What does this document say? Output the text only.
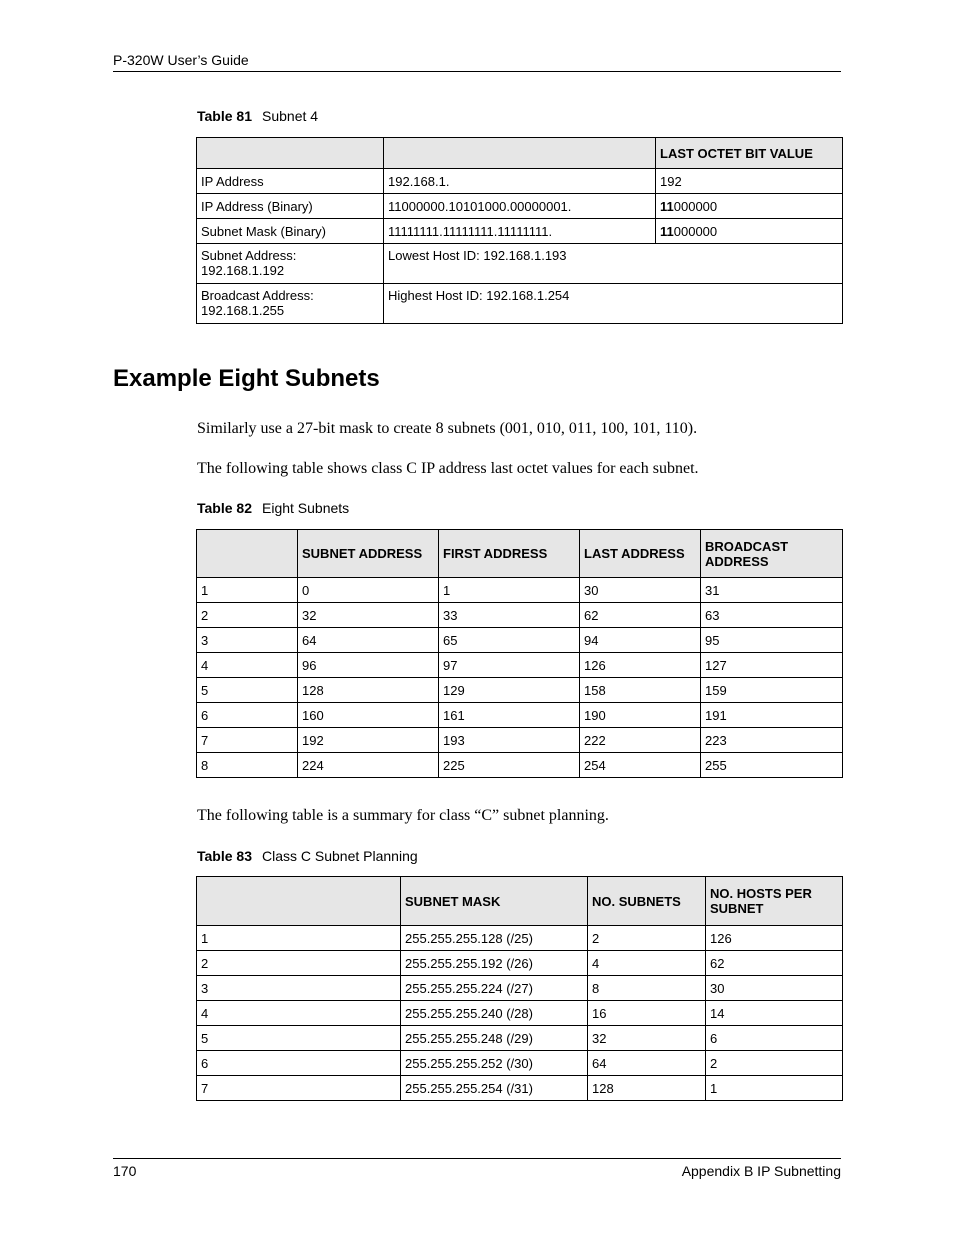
P-320W User’s Guide
Table 81 Subnet 4
		LAST OCTET BIT VALUE
IP Address	192.168.1.	192
IP Address (Binary)	11000000.10101000.00000001.	11000000
Subnet Mask (Binary)	11111111.11111111.11111111.	11000000

Subnet Address:
192.168.1.192	Lowest Host ID: 192.168.1.193	

Broadcast Address:
192.168.1.255	Highest Host ID: 192.168.1.254	
Example Eight Subnets
Similarly use a 27-bit mask to create 8 subnets (001, 010, 011, 100, 101, 110).
The following table shows class C IP address last octet values for each subnet.
Table 82 Eight Subnets
	SUBNET ADDRESS	FIRST ADDRESS	LAST ADDRESS	BROADCAST ADDRESS
1	0	1	30	31
2	32	33	62	63
3	64	65	94	95
4	96	97	126	127
5	128	129	158	159
6	160	161	190	191
7	192	193	222	223
8	224	225	254	255
The following table is a summary for class “C” subnet planning.
Table 83 Class C Subnet Planning
	SUBNET MASK	NO. SUBNETS	NO. HOSTS PER SUBNET
1	255.255.255.128 (/25)	2	126
2	255.255.255.192 (/26)	4	62
3	255.255.255.224 (/27)	8	30
4	255.255.255.240 (/28)	16	14
5	255.255.255.248 (/29)	32	6
6	255.255.255.252 (/30)	64	2
7	255.255.255.254 (/31)	128	1
170	Appendix B IP Subnetting
